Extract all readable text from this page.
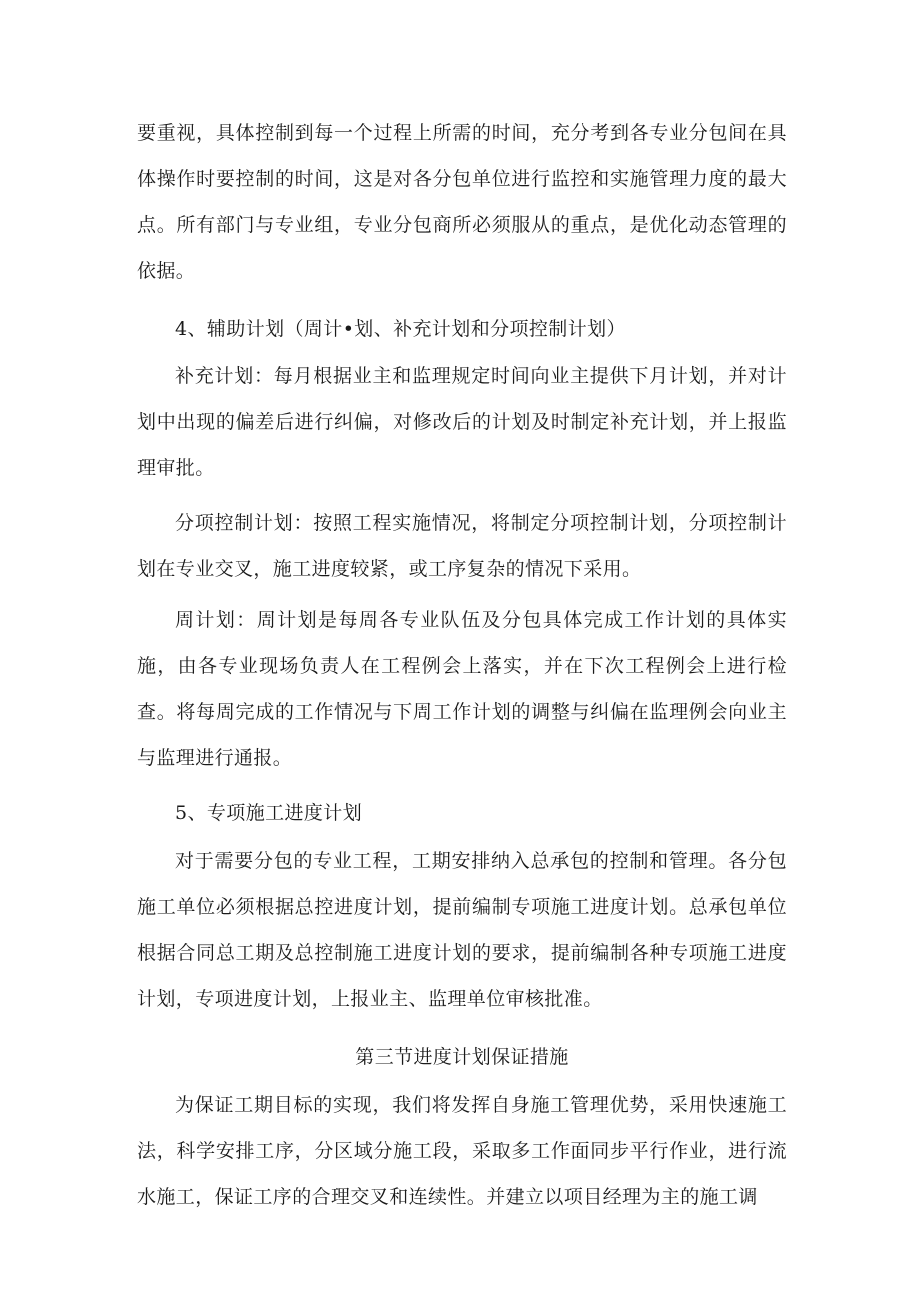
要重视，具体控制到每一个过程上所需的时间，充分考到各专业分包间在具体操作时要控制的时间，这是对各分包单位进行监控和实施管理力度的最大点。所有部门与专业组，专业分包商所必须服从的重点，是优化动态管理的依据。

4、辅助计划（周计•划、补充计划和分项控制计划）

补充计划：每月根据业主和监理规定时间向业主提供下月计划，并对计划中出现的偏差后进行纠偏，对修改后的计划及时制定补充计划，并上报监理审批。

分项控制计划：按照工程实施情况，将制定分项控制计划，分项控制计划在专业交叉，施工进度较紧，或工序复杂的情况下采用。

周计划：周计划是每周各专业队伍及分包具体完成工作计划的具体实施，由各专业现场负责人在工程例会上落实，并在下次工程例会上进行检查。将每周完成的工作情况与下周工作计划的调整与纠偏在监理例会向业主与监理进行通报。

5、专项施工进度计划

对于需要分包的专业工程，工期安排纳入总承包的控制和管理。各分包施工单位必须根据总控进度计划，提前编制专项施工进度计划。总承包单位根据合同总工期及总控制施工进度计划的要求，提前编制各种专项施工进度计划，专项进度计划，上报业主、监理单位审核批准。

第三节进度计划保证措施

为保证工期目标的实现，我们将发挥自身施工管理优势，采用快速施工法，科学安排工序，分区域分施工段，采取多工作面同步平行作业，进行流水施工，保证工序的合理交叉和连续性。并建立以项目经理为主的施工调
